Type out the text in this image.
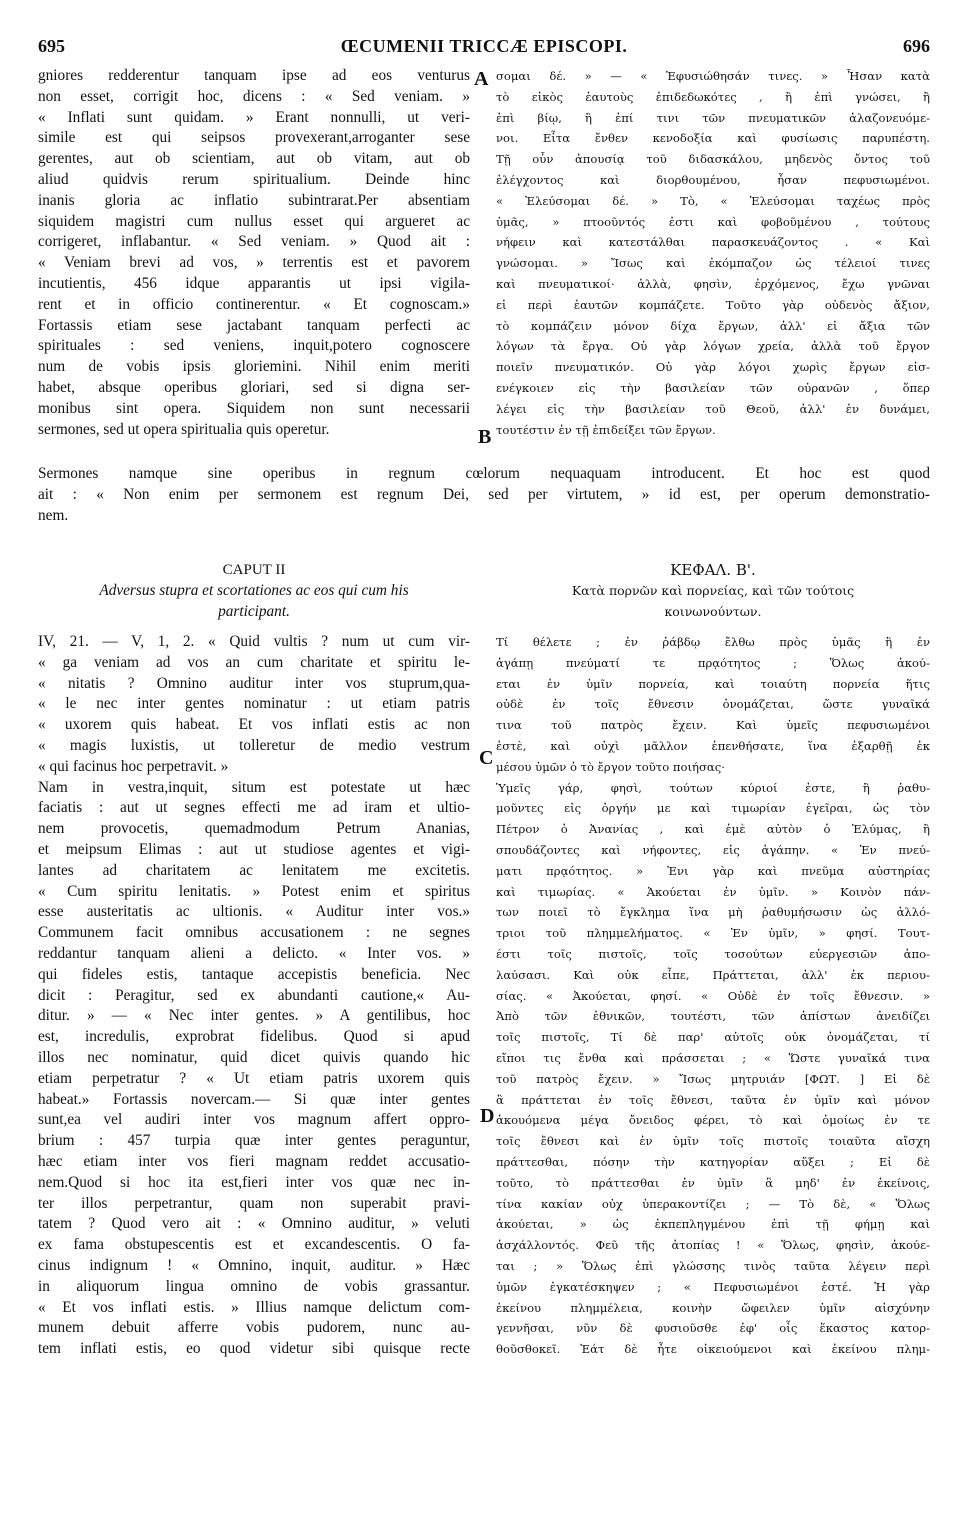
695	ŒCUMENII TRICCÆ EPISCOPI.	696
A
B
C
D
gniores redderentur tanquam ipse ad eos venturus
non esset, corrigit hoc, dicens : « Sed veniam. »
« Inflati sunt quidam. » Erant nonnulli, ut veri-
simile est qui seipsos provexerant,arroganter sese
gerentes, aut ob scientiam, aut ob vitam, aut ob
aliud quidvis rerum spiritualium. Deinde hinc
inanis gloria ac inflatio subintrarat.Per absentiam
siquidem magistri cum nullus esset qui argueret ac
corrigeret, inflabantur. « Sed veniam. » Quod ait :
« Veniam brevi ad vos, » terrentis est et pavorem
incutientis, 456 idque apparantis ut ipsi vigila-
rent et in officio continerentur. « Et cognoscam.»
Fortassis etiam sese jactabant tanquam perfecti ac
spirituales : sed veniens, inquit,potero cognoscere
num de vobis ipsis gloriemini. Nihil enim meriti
habet, absque operibus gloriari, sed si digna ser-
monibus sint opera. Siquidem non sunt necessarii
sermones, sed ut opera spiritualia quis operetur.
σομαι δέ. » — « Ἐφυσιώθησάν τινες. » Ἦσαν κατὰ
τὸ εἰκὸς ἑαυτοὺς ἐπιδεδωκότες , ἢ ἐπὶ γνώσει, ἢ
ἐπὶ βίῳ, ἢ ἐπί τινι τῶν πνευματικῶν ἀλαζονευόμε-
νοι. Εἶτα ἔνθεν κενοδοξία καὶ φυσίωσις παρυπέστη.
Τῇ οὖν ἀπουσίᾳ τοῦ διδασκάλου, μηδενὸς ὄντος τοῦ
ἐλέγχοντος καὶ διορθουμένου, ἦσαν πεφυσιωμένοι.
« Ἐλεύσομαι δέ. » Τὸ, « Ἐλεύσομαι ταχέως πρὸς
ὑμᾶς, » πτοοῦντός ἐστι καὶ φοβοῦμένου , τούτους
νήφειν καὶ κατεστάλθαι παρασκευάζοντος . « Καὶ
γνώσομαι. » Ἴσως καὶ ἐκόμπαζον ὡς τέλειοί τινες
καὶ πνευματικοί· ἀλλὰ, φησὶν, ἐρχόμενος, ἔχω γνῶναι
εἰ περὶ ἑαυτῶν κομπάζετε. Τοῦτο γὰρ οὐδενὸς ἄξιον,
τὸ κομπάζειν μόνον δίχα ἔργων, ἀλλ' εἰ ἄξια τῶν
λόγων τὰ ἔργα. Οὐ γὰρ λόγων χρεία, ἀλλὰ τοῦ ἔργον
ποιεῖν πνευματικόν. Οὐ γὰρ λόγοι χωρὶς ἔργων εἰσ-
ενέγκοιεν εἰς τὴν βασιλείαν τῶν οὐρανῶν , ὅπερ
λέγει εἰς τὴν βασιλείαν τοῦ Θεοῦ, ἀλλ' ἐν δυνάμει,
τουτέστιν ἐν τῇ ἐπιδείξει τῶν ἔργων.
Sermones namque sine operibus in regnum cœlorum nequaquam introducent. Et hoc est quod
ait : « Non enim per sermonem est regnum Dei, sed per virtutem, » id est, per operum demonstratio-
nem.
CAPUT II
Adversus stupra et scortationes ac eos qui cum his
participant.
ΚΕΦΑΛ. Β'.
Κατὰ πορνῶν καὶ πορνείας, καὶ τῶν τούτοις
κοινωνούντων.
IV, 21. — V, 1, 2. « Quid vultis ? num ut cum vir-
« ga veniam ad vos an cum charitate et spiritu le-
« nitatis ? Omnino auditur inter vos stuprum,qua-
« le nec inter gentes nominatur : ut etiam patris
« uxorem quis habeat. Et vos inflati estis ac non
« magis luxistis, ut tolleretur de medio vestrum
« qui facinus hoc perpetravit. »
Nam in vestra,inquit, situm est potestate ut hæc
faciatis : aut ut segnes effecti me ad iram et ultio-
nem provocetis, quemadmodum Petrum Ananias,
et meipsum Elimas : aut ut studiose agentes et vigi-
lantes ad charitatem ac lenitatem me excitetis.
« Cum spiritu lenitatis. » Potest enim et spiritus
esse austeritatis ac ultionis. « Auditur inter vos.»
Communem facit omnibus accusationem : ne segnes
reddantur tanquam alieni a delicto. « Inter vos. »
qui fideles estis, tantaque accepistis beneficia. Nec
dicit : Peragitur, sed ex abundanti cautione,« Au-
ditur. » — « Nec inter gentes. » A gentilibus, hoc
est, incredulis, exprobrat fidelibus. Quod si apud
illos nec nominatur, quid dicet quivis quando hic
etiam perpetratur ? « Ut etiam patris uxorem quis
habeat.» Fortassis novercam.— Si quæ inter gentes
sunt,ea vel audiri inter vos magnum affert oppro-
brium : 457 turpia quæ inter gentes peraguntur,
hæc etiam inter vos fieri magnam reddet accusatio-
nem.Quod si hoc ita est,fieri inter vos quæ nec in-
ter illos perpetrantur, quam non superabit pravi-
tatem ? Quod vero ait : « Omnino auditur, » veluti
ex fama obstupescentis est et excandescentis. O fa-
cinus indignum ! « Omnino, inquit, auditur. » Hæc
in aliquorum lingua omnino de vobis grassantur.
« Et vos inflati estis. » Illius namque delictum com-
munem debuit afferre vobis pudorem, nunc au-
tem inflati estis, eo quod videtur sibi quisque recte
Τί θέλετε ; ἐν ῥάβδῳ ἔλθω πρὸς ὑμᾶς ἢ ἐν
ἀγάπῃ πνεύματί τε πρᾳότητος ; Ὅλως ἀκού-
εται ἐν ὑμῖν πορνεία, καὶ τοιαύτη πορνεία ἥτις
οὐδὲ ἐν τοῖς ἔθνεσιν ὀνομάζεται, ὥστε γυναῖκά
τινα τοῦ πατρὸς ἔχειν. Καὶ ὑμεῖς πεφυσιωμένοι
ἐστὲ, καὶ οὐχὶ μᾶλλον ἐπενθήσατε, ἵνα ἐξαρθῇ ἐκ
μέσου ὑμῶν ὁ τὸ ἔργον τοῦτο ποιήσας·
Ὑμεῖς γάρ, φησὶ, τούτων κύριοί ἐστε, ἢ ῥαθυ-
μοῦντες εἰς ὀργήν με καὶ τιμωρίαν ἐγεῖραι, ὡς τὸν
Πέτρον ὁ Ἀνανίας , καὶ ἐμὲ αὐτὸν ὁ Ἐλύμας, ἢ
σπουδάζοντες καὶ νήφοντες, εἰς ἀγάπην. « Ἐν πνεύ-
ματι πρᾳότητος. » Ἐνι γὰρ καὶ πνεῦμα αὐστηρίας
καὶ τιμωρίας. « Ἀκούεται ἐν ὑμῖν. » Κοινὸν πάν-
των ποιεῖ τὸ ἔγκλημα ἵνα μὴ ῥαθυμήσωσιν ὡς ἀλλό-
τριοι τοῦ πλημμελήματος. « Ἐν ὑμῖν, » φησί. Τουτ-
έστι τοῖς πιστοῖς, τοῖς τοσούτων εὐεργεσιῶν ἀπο-
λαύσασι. Καὶ οὐκ εἶπε, Πράττεται, ἀλλ' ἐκ περιου-
σίας. « Ἀκούεται, φησί. « Οὐδὲ ἐν τοῖς ἔθνεσιν. »
Ἀπὸ τῶν ἐθνικῶν, τουτέστι, τῶν ἀπίστων ἀνειδίζει
τοῖς πιστοῖς, Τί δὲ παρ' αὐτοῖς οὐκ ὀνομάζεται, τί
εἴποι τις ἔνθα καὶ πράσσεται ; « Ὥστε γυναῖκά τινα
τοῦ πατρὸς ἔχειν. » Ἴσως μητρυιάν [ΦΩΤ. ] Εἰ δὲ
ἃ πράττεται ἐν τοῖς ἔθνεσι, ταῦτα ἐν ὑμῖν καὶ μόνον
ἀκουόμενα μέγα ὄνειδος φέρει, τὸ καὶ ὁμοίως ἐν τε
τοῖς ἔθνεσι καὶ ἐν ὑμῖν τοῖς πιστοῖς τοιαῦτα αἴσχη
πράττεσθαι, πόσην τὴν κατηγορίαν αὔξει ; Εἰ δὲ
τοῦτο, τὸ πράττεσθαι ἐν ὑμῖν ἃ μηδ' ἐν ἐκείνοις,
τίνα κακίαν οὐχ ὑπερακοντίζει ; — Τὸ δὲ, « Ὅλως
ἀκούεται, » ὡς ἐκπεπληγμένου ἐπὶ τῇ φήμῃ καὶ
ἀσχάλλοντός. Φεῦ τῆς ἀτοπίας ! « Ὅλως, φησὶν, ἀκούε-
ται ; » Ὅλως ἐπὶ γλώσσης τινὸς ταῦτα λέγειν περὶ
ὑμῶν ἐγκατέσκηψεν ; « Πεφυσιωμένοι ἐστέ. Ἡ γὰρ
ἐκείνου πλημμέλεια, κοινὴν ὤφειλεν ὑμῖν αἰσχύνην
γεννῆσαι, νῦν δὲ φυσιοῦσθε ἐφ' οἷς ἕκαστος κατορ-
θοῦσθοκεῖ. Ἐάτ δὲ ἦτε οἰκειούμενοι καὶ ἐκείνου πλημ-
